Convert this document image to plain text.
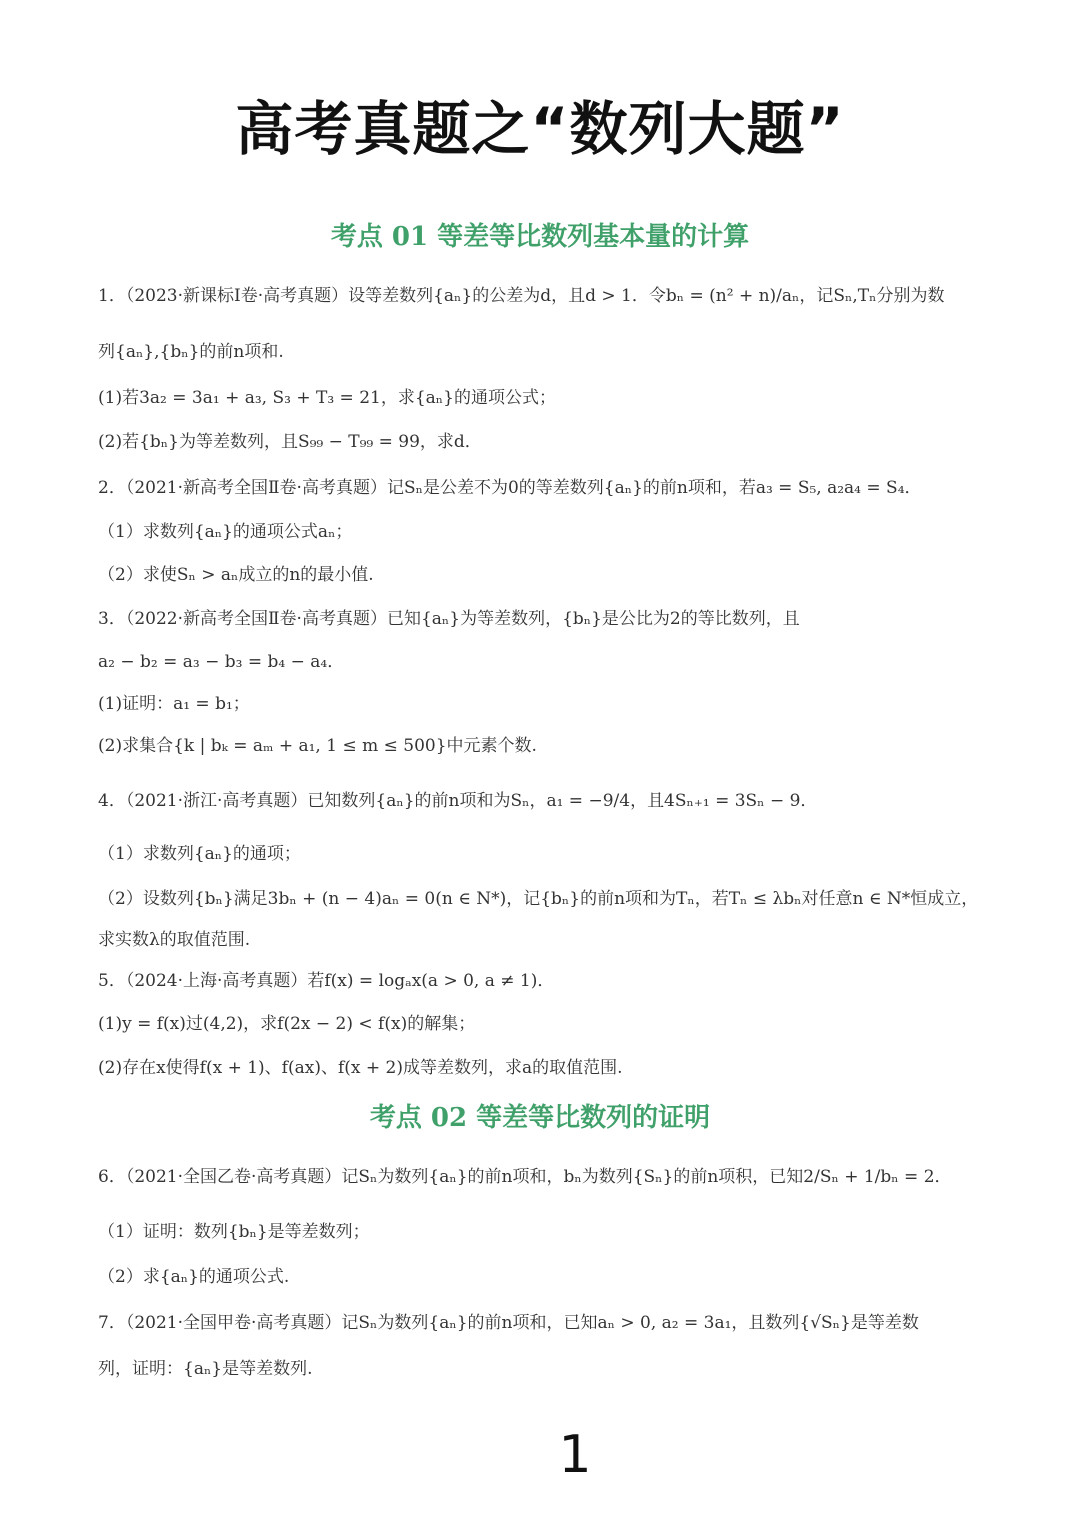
高考真题之“数列大题”
考点 01 等差等比数列基本量的计算
1．（2023·新课标Ⅰ卷·高考真题）设等差数列{aₙ}的公差为d，且d > 1．令bₙ = (n² + n)/aₙ，记Sₙ,Tₙ分别为数
列{aₙ},{bₙ}的前n项和.
(1)若3a₂ = 3a₁ + a₃, S₃ + T₃ = 21，求{aₙ}的通项公式；
(2)若{bₙ}为等差数列，且S₉₉ − T₉₉ = 99，求d．
2．（2021·新高考全国Ⅱ卷·高考真题）记Sₙ是公差不为0的等差数列{aₙ}的前n项和，若a₃ = S₅, a₂a₄ = S₄．
（1）求数列{aₙ}的通项公式aₙ；
（2）求使Sₙ > aₙ成立的n的最小值.
3．（2022·新高考全国Ⅱ卷·高考真题）已知{aₙ}为等差数列，{bₙ}是公比为2的等比数列，且
a₂ − b₂ = a₃ − b₃ = b₄ − a₄．
(1)证明：a₁ = b₁；
(2)求集合{k | bₖ = aₘ + a₁, 1 ≤ m ≤ 500}中元素个数.
4．（2021·浙江·高考真题）已知数列{aₙ}的前n项和为Sₙ，a₁ = −9/4，且4Sₙ₊₁ = 3Sₙ − 9．
（1）求数列{aₙ}的通项；
（2）设数列{bₙ}满足3bₙ + (n − 4)aₙ = 0(n ∈ N*)，记{bₙ}的前n项和为Tₙ，若Tₙ ≤ λbₙ对任意n ∈ N*恒成立，
求实数λ的取值范围.
5．（2024·上海·高考真题）若f(x) = logₐx(a > 0, a ≠ 1)．
(1)y = f(x)过(4,2)，求f(2x − 2) < f(x)的解集；
(2)存在x使得f(x + 1)、f(ax)、f(x + 2)成等差数列，求a的取值范围.
考点 02 等差等比数列的证明
6．（2021·全国乙卷·高考真题）记Sₙ为数列{aₙ}的前n项和，bₙ为数列{Sₙ}的前n项积，已知2/Sₙ + 1/bₙ = 2．
（1）证明：数列{bₙ}是等差数列；
（2）求{aₙ}的通项公式.
7．（2021·全国甲卷·高考真题）记Sₙ为数列{aₙ}的前n项和，已知aₙ > 0, a₂ = 3a₁，且数列{√Sₙ}是等差数
列，证明：{aₙ}是等差数列.
1
